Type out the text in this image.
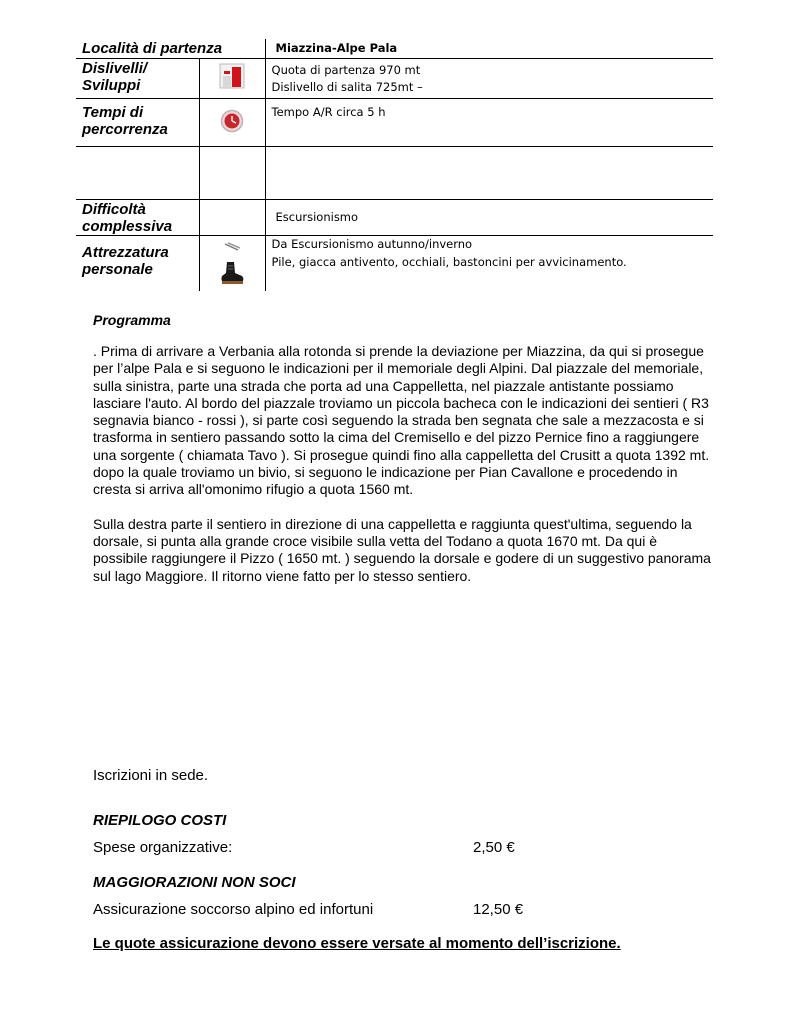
Località di partenza		Miazzina-Alpe Pala

Dislivelli/ Sviluppi		Quota di partenza 970 mt
Dislivello di salita 725mt –

Tempi di percorrenza		Tempo A/R circa 5 h

Difficoltà complessiva		Escursionismo

Attrezzatura personale		Da Escursionismo autunno/inverno
Pile, giacca antivento, occhiali, bastoncini per avvicinamento.
Programma

. Prima di arrivare a Verbania alla rotonda si prende la deviazione per Miazzina, da qui si prosegue per l’alpe Pala e si seguono le indicazioni per il memoriale degli Alpini. Dal piazzale del memoriale, sulla sinistra, parte una strada che porta ad una Cappelletta, nel piazzale antistante possiamo lasciare l'auto. Al bordo del piazzale troviamo un piccola bacheca con le indicazioni dei sentieri ( R3 segnavia bianco - rossi ), si parte così seguendo la strada ben segnata che sale a mezzacosta e si trasforma in sentiero passando sotto la cima del Cremisello e del pizzo Pernice fino a raggiungere una sorgente ( chiamata Tavo ). Si prosegue quindi fino alla cappelletta del Crusitt a quota 1392 mt. dopo la quale troviamo un bivio, si seguono le indicazione per Pian Cavallone e procedendo in cresta si arriva all'omonimo rifugio a quota 1560 mt.

Sulla destra parte il sentiero in direzione di una cappelletta e raggiunta quest'ultima, seguendo la dorsale, si punta alla grande croce visibile sulla vetta del Todano a quota 1670 mt. Da qui è possibile raggiungere il Pizzo ( 1650 mt. ) seguendo la dorsale e godere di un suggestivo panorama sul lago Maggiore. Il ritorno viene fatto per lo stesso sentiero.

Iscrizioni in sede.
RIEPILOGO COSTI
Spese organizzative:	2,50 €
MAGGIORAZIONI NON SOCI
Assicurazione soccorso alpino ed infortuni	12,50 €
Le quote assicurazione devono essere versate al momento dell’iscrizione.
